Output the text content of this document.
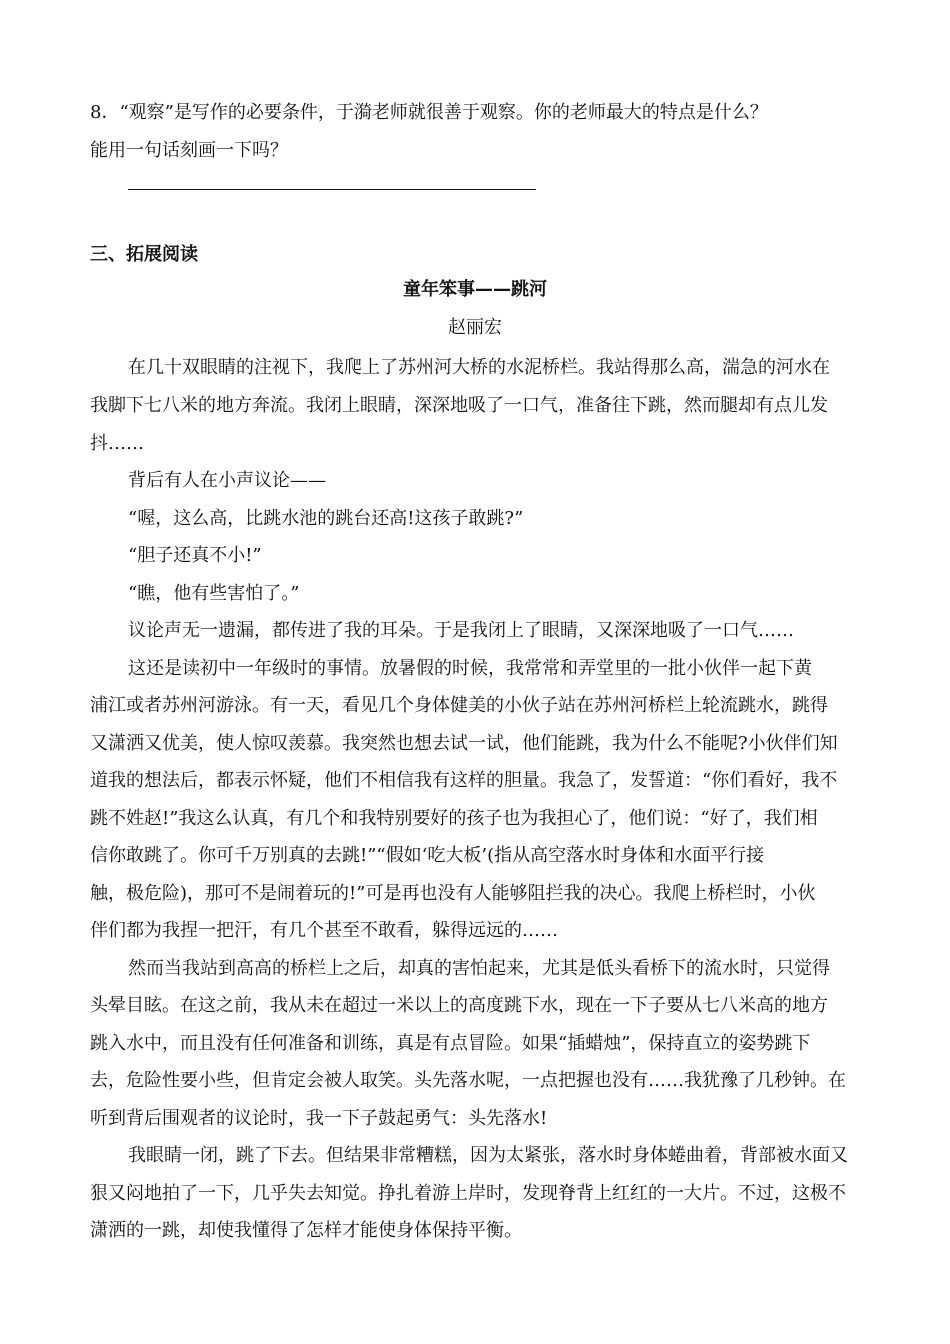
8．“观察”是写作的必要条件，于漪老师就很善于观察。你的老师最大的特点是什么？
能用一句话刻画一下吗？
三、拓展阅读
童年笨事——跳河
赵丽宏
在几十双眼睛的注视下，我爬上了苏州河大桥的水泥桥栏。我站得那么高，湍急的河水在
我脚下七八米的地方奔流。我闭上眼睛，深深地吸了一口气，准备往下跳，然而腿却有点儿发
抖……
背后有人在小声议论——
“喔，这么高，比跳水池的跳台还高!这孩子敢跳?”
“胆子还真不小!”
“瞧，他有些害怕了。”
议论声无一遗漏，都传进了我的耳朵。于是我闭上了眼睛，又深深地吸了一口气……
这还是读初中一年级时的事情。放暑假的时候，我常常和弄堂里的一批小伙伴一起下黄
浦江或者苏州河游泳。有一天，看见几个身体健美的小伙子站在苏州河桥栏上轮流跳水，跳得
又潇洒又优美，使人惊叹羡慕。我突然也想去试一试，他们能跳，我为什么不能呢?小伙伴们知
道我的想法后，都表示怀疑，他们不相信我有这样的胆量。我急了，发誓道：“你们看好，我不
跳不姓赵!”我这么认真，有几个和我特别要好的孩子也为我担心了，他们说：“好了，我们相
信你敢跳了。你可千万别真的去跳!”“假如‘吃大板’(指从高空落水时身体和水面平行接
触，极危险)，那可不是闹着玩的!”可是再也没有人能够阻拦我的决心。我爬上桥栏时，小伙
伴们都为我捏一把汗，有几个甚至不敢看，躲得远远的……
然而当我站到高高的桥栏上之后，却真的害怕起来，尤其是低头看桥下的流水时，只觉得
头晕目眩。在这之前，我从未在超过一米以上的高度跳下水，现在一下子要从七八米高的地方
跳入水中，而且没有任何准备和训练，真是有点冒险。如果“插蜡烛”，保持直立的姿势跳下
去，危险性要小些，但肯定会被人取笑。头先落水呢，一点把握也没有……我犹豫了几秒钟。在
听到背后围观者的议论时，我一下子鼓起勇气：头先落水!
我眼睛一闭，跳了下去。但结果非常糟糕，因为太紧张，落水时身体蜷曲着，背部被水面又
狠又闷地拍了一下，几乎失去知觉。挣扎着游上岸时，发现脊背上红红的一大片。不过，这极不
潇洒的一跳，却使我懂得了怎样才能使身体保持平衡。
